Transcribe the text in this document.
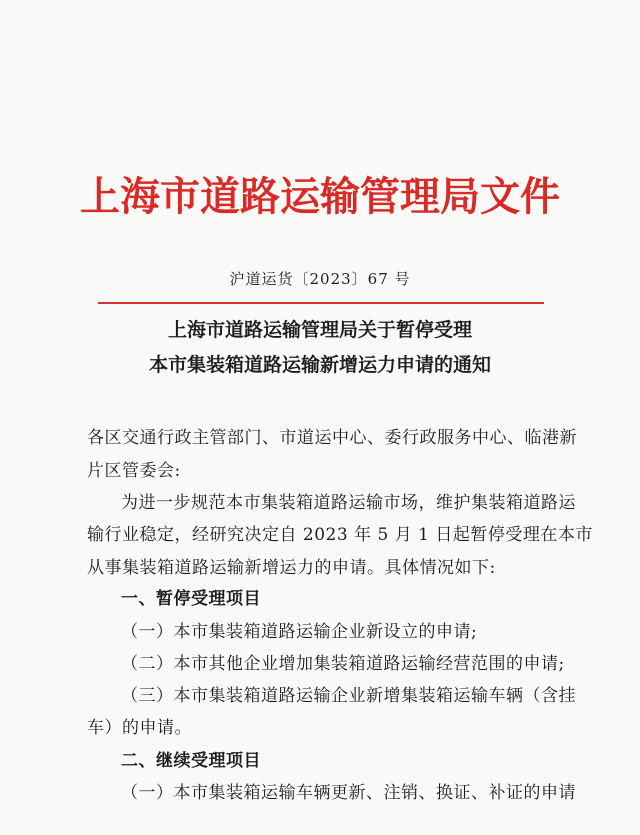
上海市道路运输管理局文件
沪道运货〔2023〕67 号
上海市道路运输管理局关于暂停受理
本市集装箱道路运输新增运力申请的通知
各区交通行政主管部门、市道运中心、委行政服务中心、临港新
片区管委会:
为进一步规范本市集装箱道路运输市场，维护集装箱道路运
输行业稳定，经研究决定自 2023 年 5 月 1 日起暂停受理在本市
从事集装箱道路运输新增运力的申请。具体情况如下:
一、暂停受理项目
（一）本市集装箱道路运输企业新设立的申请;
（二）本市其他企业增加集装箱道路运输经营范围的申请;
（三）本市集装箱道路运输企业新增集装箱运输车辆（含挂
车）的申请。
二、继续受理项目
（一）本市集装箱运输车辆更新、注销、换证、补证的申请
